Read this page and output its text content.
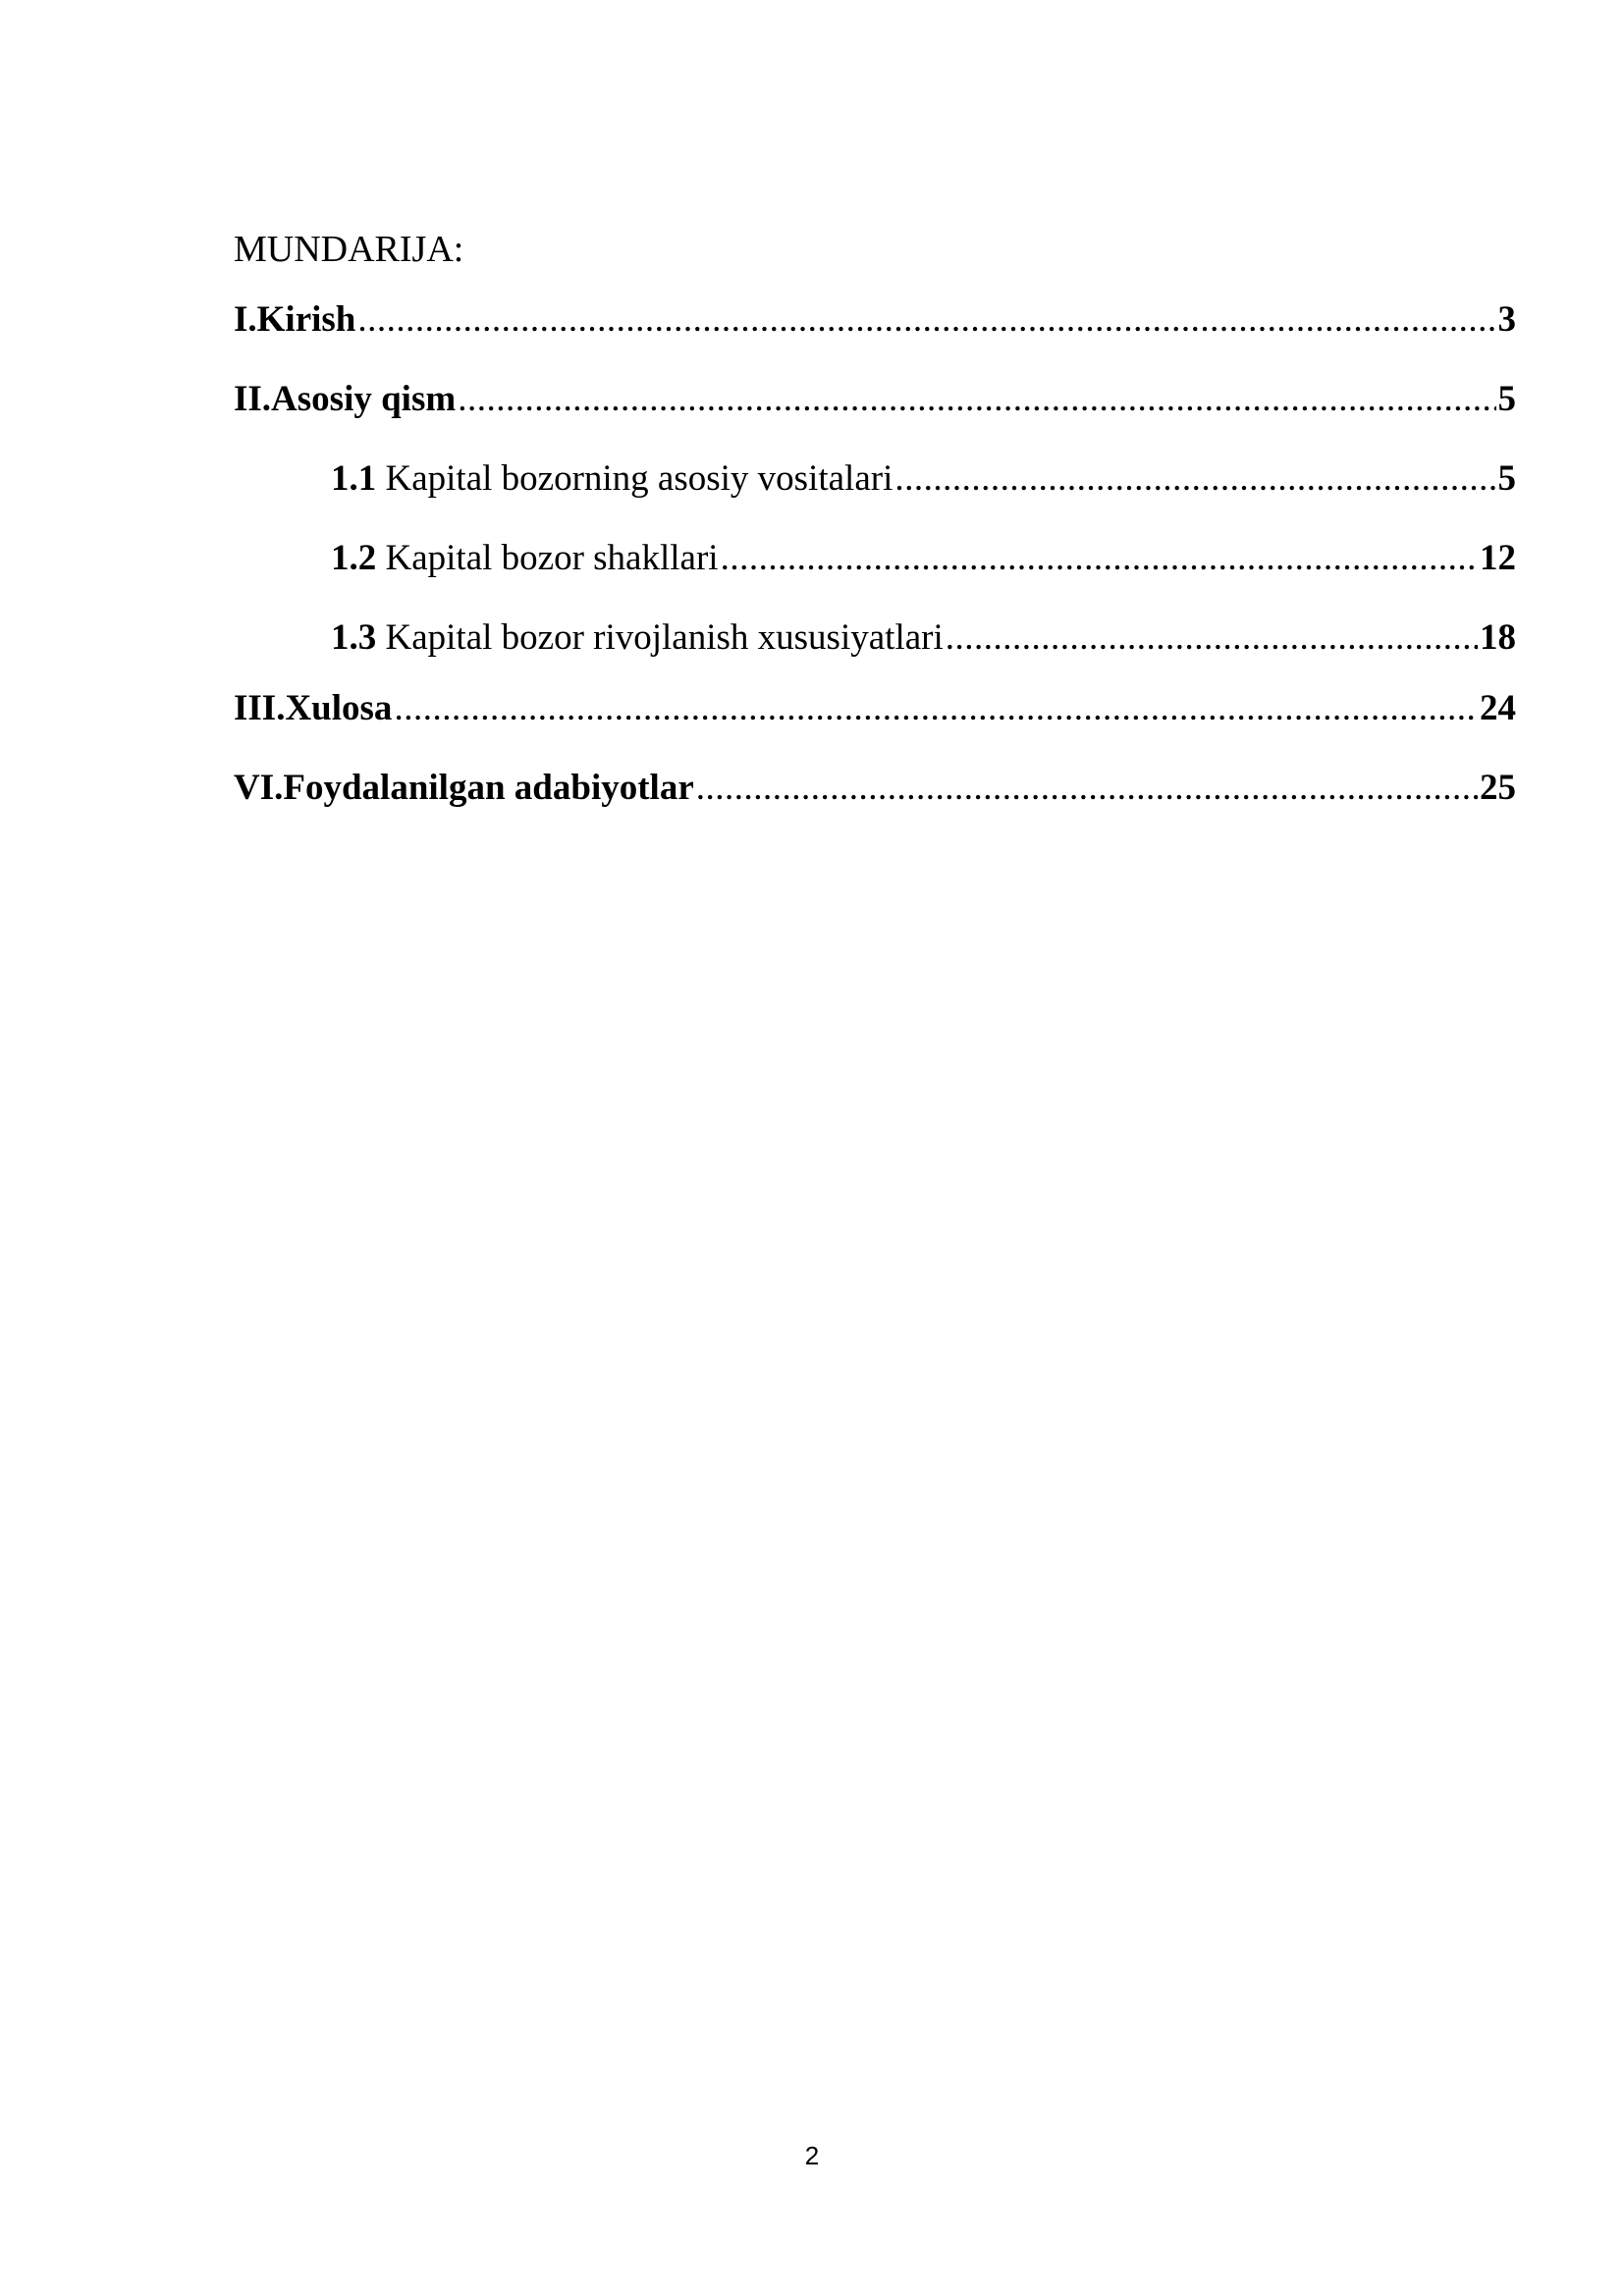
MUNDARIJA:
I.Kirish .....	3
II.Asosiy qism .....	5
1.1 Kapital bozorning asosiy vositalari .....	5
1.2 Kapital bozor shakllari .....	12
1.3 Kapital bozor rivojlanish xususiyatlari .....	18
III.Xulosa .....	24
VI.Foydalanilgan adabiyotlar .....	25
2
